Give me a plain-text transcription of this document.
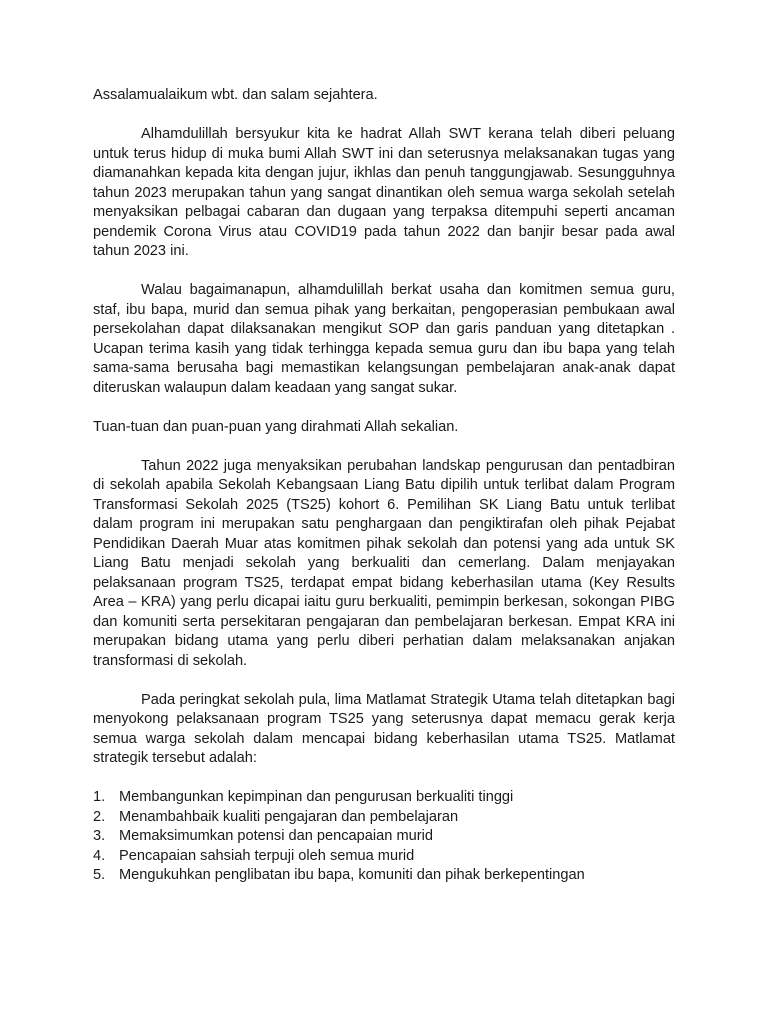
Assalamualaikum wbt. dan salam sejahtera.

Alhamdulillah bersyukur kita ke hadrat Allah SWT kerana telah diberi peluang untuk terus hidup di muka bumi Allah SWT ini dan seterusnya melaksanakan tugas yang diamanahkan kepada kita dengan jujur, ikhlas dan penuh tanggungjawab. Sesungguhnya tahun 2023 merupakan tahun yang sangat dinantikan oleh semua warga sekolah setelah menyaksikan pelbagai cabaran dan dugaan yang terpaksa ditempuhi seperti ancaman pendemik Corona Virus atau COVID19 pada tahun 2022 dan banjir besar pada awal tahun 2023 ini.

Walau bagaimanapun, alhamdulillah berkat usaha dan komitmen semua guru, staf, ibu bapa, murid dan semua pihak yang berkaitan, pengoperasian pembukaan awal persekolahan dapat dilaksanakan mengikut SOP dan garis panduan yang ditetapkan . Ucapan terima kasih yang tidak terhingga kepada semua guru dan ibu bapa yang telah sama-sama berusaha bagi memastikan kelangsungan pembelajaran anak-anak dapat diteruskan walaupun dalam keadaan yang sangat sukar.

Tuan-tuan dan puan-puan yang dirahmati Allah sekalian.

Tahun 2022 juga menyaksikan perubahan landskap pengurusan dan pentadbiran di sekolah apabila Sekolah Kebangsaan Liang Batu dipilih untuk terlibat dalam Program Transformasi Sekolah 2025 (TS25) kohort 6. Pemilihan SK Liang Batu untuk terlibat dalam program ini merupakan satu penghargaan dan pengiktirafan oleh pihak Pejabat Pendidikan Daerah Muar atas komitmen pihak sekolah dan potensi yang ada untuk SK Liang Batu menjadi sekolah yang berkualiti dan cemerlang. Dalam menjayakan pelaksanaan program TS25, terdapat empat bidang keberhasilan utama (Key Results Area – KRA) yang perlu dicapai iaitu guru berkualiti, pemimpin berkesan, sokongan PIBG dan komuniti serta persekitaran pengajaran dan pembelajaran berkesan. Empat KRA ini merupakan bidang utama yang perlu diberi perhatian dalam melaksanakan anjakan transformasi di sekolah.

Pada peringkat sekolah pula, lima Matlamat Strategik Utama telah ditetapkan bagi menyokong pelaksanaan program TS25 yang seterusnya dapat memacu gerak kerja semua warga sekolah dalam mencapai bidang keberhasilan utama TS25. Matlamat strategik tersebut adalah:

1. Membangunkan kepimpinan dan pengurusan berkualiti tinggi
2. Menambahbaik kualiti pengajaran dan pembelajaran
3. Memaksimumkan potensi dan pencapaian murid
4. Pencapaian sahsiah terpuji oleh semua murid
5. Mengukuhkan penglibatan ibu bapa, komuniti dan pihak berkepentingan
